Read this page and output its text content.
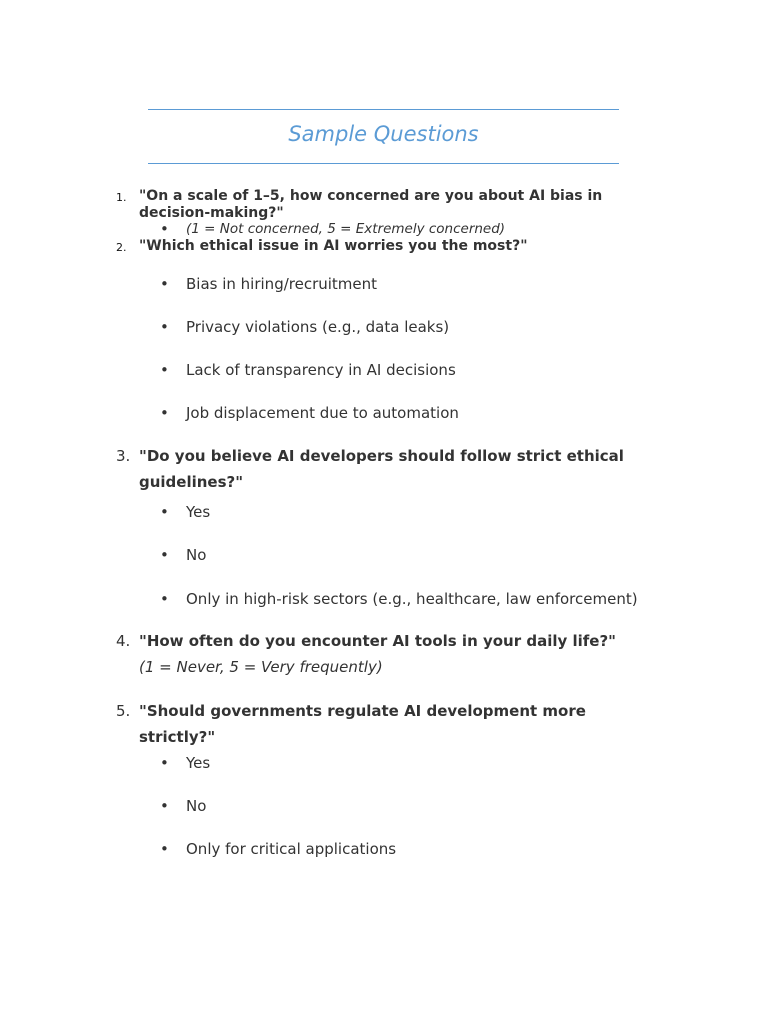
Sample Questions
1. "On a scale of 1–5, how concerned are you about AI bias in
decision-making?"
• (1 = Not concerned, 5 = Extremely concerned)
2. "Which ethical issue in AI worries you the most?"
• Bias in hiring/recruitment
• Privacy violations (e.g., data leaks)
• Lack of transparency in AI decisions
• Job displacement due to automation
3. "Do you believe AI developers should follow strict ethical
guidelines?"
• Yes
• No
• Only in high-risk sectors (e.g., healthcare, law enforcement)
4. "How often do you encounter AI tools in your daily life?"
(1 = Never, 5 = Very frequently)
5. "Should governments regulate AI development more
strictly?"
• Yes
• No
• Only for critical applications
